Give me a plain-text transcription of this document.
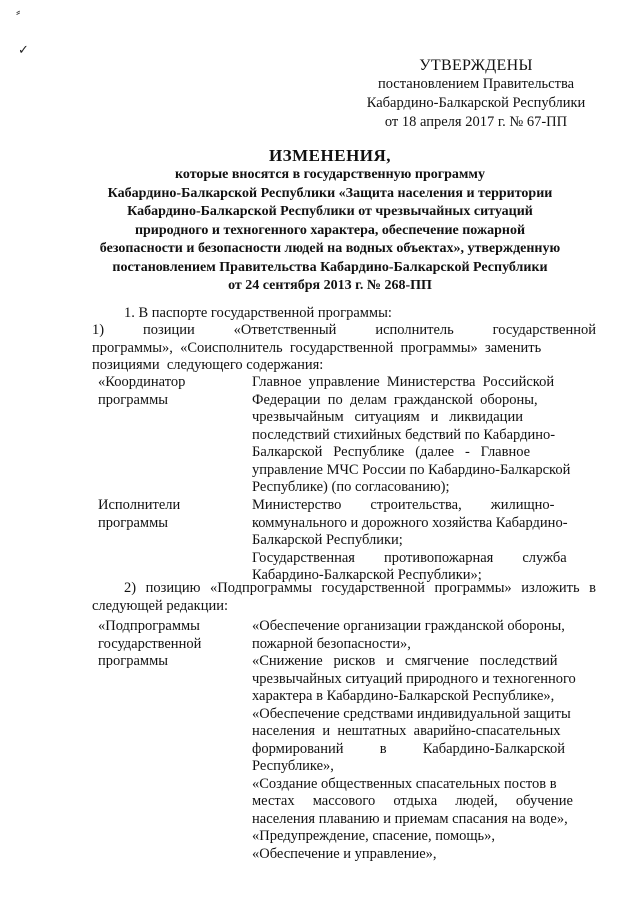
⸗
✓
УТВЕРЖДЕНЫ
постановлением Правительства
Кабардино-Балкарской Республики
от 18 апреля 2017 г. № 67-ПП
ИЗМЕНЕНИЯ,
которые вносятся в государственную программу
Кабардино-Балкарской Республики «Защита населения и территории
Кабардино-Балкарской Республики от чрезвычайных ситуаций
природного и техногенного характера, обеспечение пожарной
безопасности и безопасности людей на водных объектах», утвержденную
постановлением Правительства Кабардино-Балкарской Республики
от 24 сентября 2013 г. № 268-ПП
1. В паспорте государственной программы:
1)   позиции   «Ответственный   исполнитель   государственной
программы»,  «Соисполнитель  государственной  программы»  заменить
позициями  следующего содержания:
«Координатор
программы
Главное  управление  Министерства  Российской
Федерации  по  делам  гражданской  обороны,
чрезвычайным   ситуациям   и   ликвидации
последствий стихийных бедствий по Кабардино-
Балкарской   Республике   (далее   -   Главное
управление МЧС России по Кабардино-Балкарской
Республике) (по согласованию);
Исполнители
программы
Министерство        строительства,        жилищно-
коммунального и дорожного хозяйства Кабардино-
Балкарской Республики;
Государственная        противопожарная        служба
Кабардино-Балкарской Республики»;
2) позицию «Подпрограммы государственной программы» изложить в
следующей редакции:
«Подпрограммы
государственной
программы
«Обеспечение организации гражданской обороны,
пожарной безопасности»,
«Снижение   рисков   и   смягчение   последствий
чрезвычайных ситуаций природного и техногенного
характера в Кабардино-Балкарской Республике»,
«Обеспечение средствами индивидуальной защиты
населения  и  нештатных  аварийно-спасательных
формирований          в          Кабардино-Балкарской
Республике»,
«Создание общественных спасательных постов в
местах     массового     отдыха     людей,     обучение
населения плаванию и приемам спасания на воде»,
«Предупреждение, спасение, помощь»,
«Обеспечение и управление»,
